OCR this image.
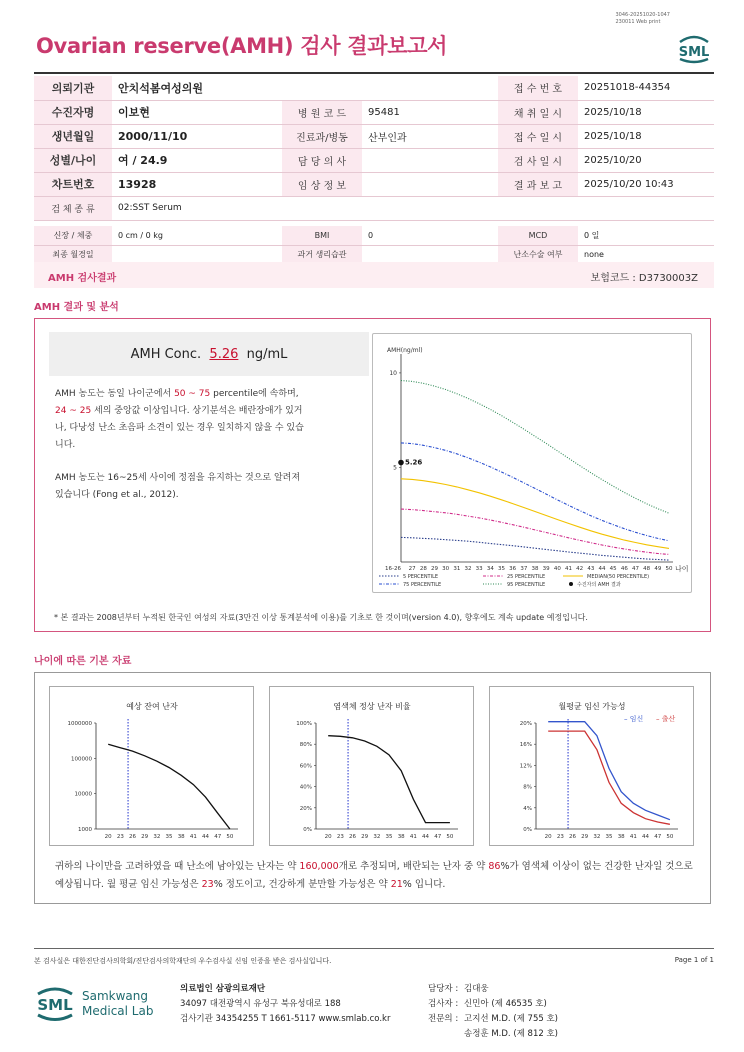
Ovarian reserve(AMH) 검사 결과보고서
3046-20251020-1047
230011 Web print
SML
의뢰기관	안치석봄여성의원			접 수 번 호	20251018-44354
수진자명	이보현	병 원 코 드	95481	채 취 일 시	2025/10/18
생년월일	2000/11/10	진료과/병동	산부인과	접 수 일 시	2025/10/18
성별/나이	여 / 24.9	담 당 의 사		검 사 일 시	2025/10/20
차트번호	13928	임 상 정 보		결 과 보 고	2025/10/20 10:43
검 체 종 류	02:SST Serum				

신장 / 체중	0 cm / 0 kg	BMI	0	MCD	0 일
최종 월경일		과거 생리습관		난소수술 여부	none
AMH 검사결과	보험코드 : D3730003Z
AMH 결과 및 분석
AMH Conc. 5.26 ng/mL
AMH 농도는 동일 나이군에서 50 ~ 75 percentile에 속하며, 24 ~ 25 세의 중앙값 이상입니다. 상기분석은 배란장애가 있거나, 다낭성 난소 초음파 소견이 있는 경우 일치하지 않을 수 있습니다.
AMH 농도는 16~25세 사이에 정점을 유지하는 것으로 알려져 있습니다 (Fong et al., 2012).
AMH(ng/ml)
5
10
16-26 27 28 29 30 31 32 33 34 35 36 37 38 39 40 41 42 43 44 45 46 47 48 49 50 나이
5.26
5 PERCENTILE	25 PERCENTILE	MEDIAN(50 PERCENTILE)
75 PERCENTILE	95 PERCENTILE	수진자의 AMH 결과
* 본 결과는 2008년부터 누적된 한국인 여성의 자료(3만건 이상 통계분석에 이용)를 기초로 한 것이며(version 4.0), 향후에도 계속 update 예정입니다.
나이에 따른 기본 자료
예상 잔여 난자
1000
10000
100000
1000000
20 23 26 29 32 35 38 41 44 47 50
염색체 정상 난자 비율
0%
20%
40%
60%
80%
100%
20 23 26 29 32 35 38 41 44 47 50
월평균 임신 가능성
0%
4%
8%
12%
16%
20%
20 23 26 29 32 35 38 41 44 47 50
– 임신 – 출산
귀하의 나이만을 고려하였을 때 난소에 남아있는 난자는 약 160,000개로 추정되며, 배란되는 난자 중 약 86%가 염색체 이상이 없는 건강한 난자일 것으로 예상됩니다. 월 평균 임신 가능성은 23% 정도이고, 건강하게 분만할 가능성은 약 21% 입니다.
본 검사실은 대한진단검사의학회/진단검사의학재단의 우수검사실 신임 인증을 받은 검사실입니다.	Page 1 of 1
SML Samkwang
Medical Lab
의료법인 삼광의료재단
34097 대전광역시 유성구 북유성대로 188
검사기관 34354255 T 1661-5117 www.smlab.co.kr
담당자 : 김대웅
검사자 : 신민아 (제 46535 호)
전문의 : 고지선 M.D. (제 755 호)
송정훈 M.D. (제 812 호)
